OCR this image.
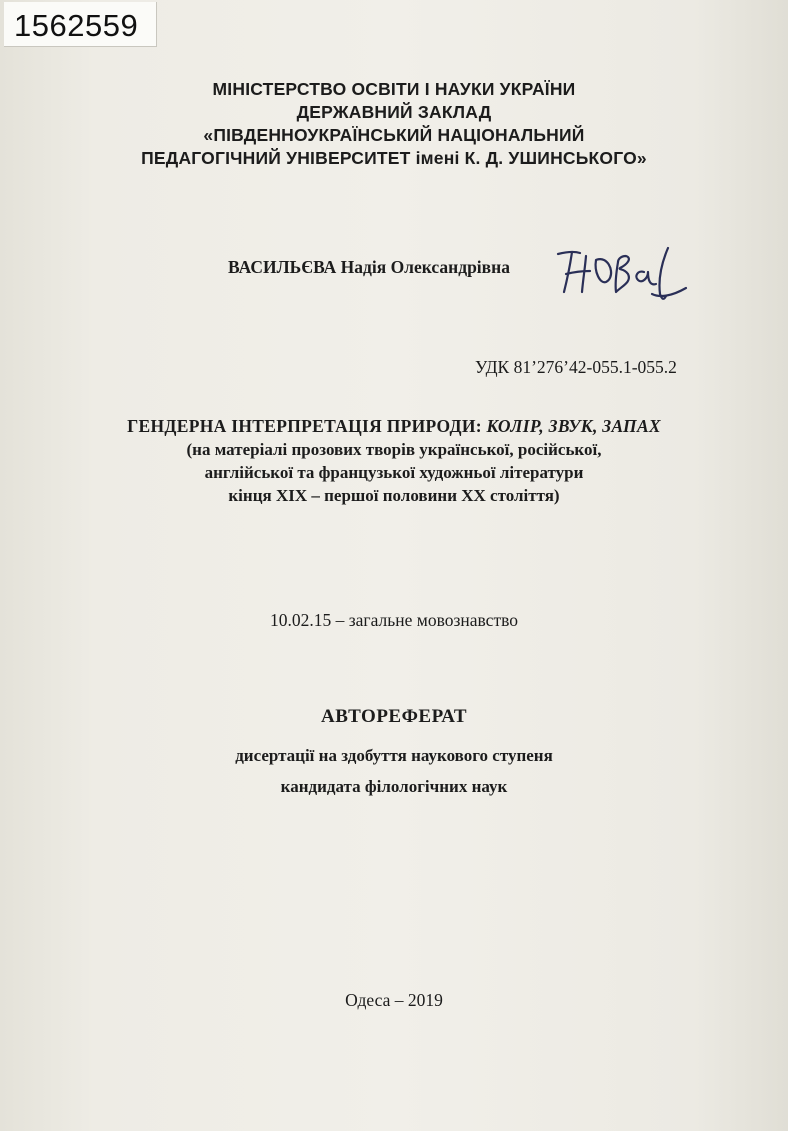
1562559
МІНІСТЕРСТВО ОСВІТИ І НАУКИ УКРАЇНИ
ДЕРЖАВНИЙ ЗАКЛАД
«ПІВДЕННОУКРАЇНСЬКИЙ НАЦІОНАЛЬНИЙ
ПЕДАГОГІЧНИЙ УНІВЕРСИТЕТ імені К. Д. УШИНСЬКОГО»
ВАСИЛЬЄВА Надія Олександрівна
УДК 81’276’42-055.1-055.2
ГЕНДЕРНА ІНТЕРПРЕТАЦІЯ ПРИРОДИ: КОЛІР, ЗВУК, ЗАПАХ
(на матеріалі прозових творів української, російської,
англійської та французької художньої літератури
кінця ХІХ – першої половини ХХ століття)
10.02.15 – загальне мовознавство
АВТОРЕФЕРАТ
дисертації на здобуття наукового ступеня
кандидата філологічних наук
Одеса – 2019
